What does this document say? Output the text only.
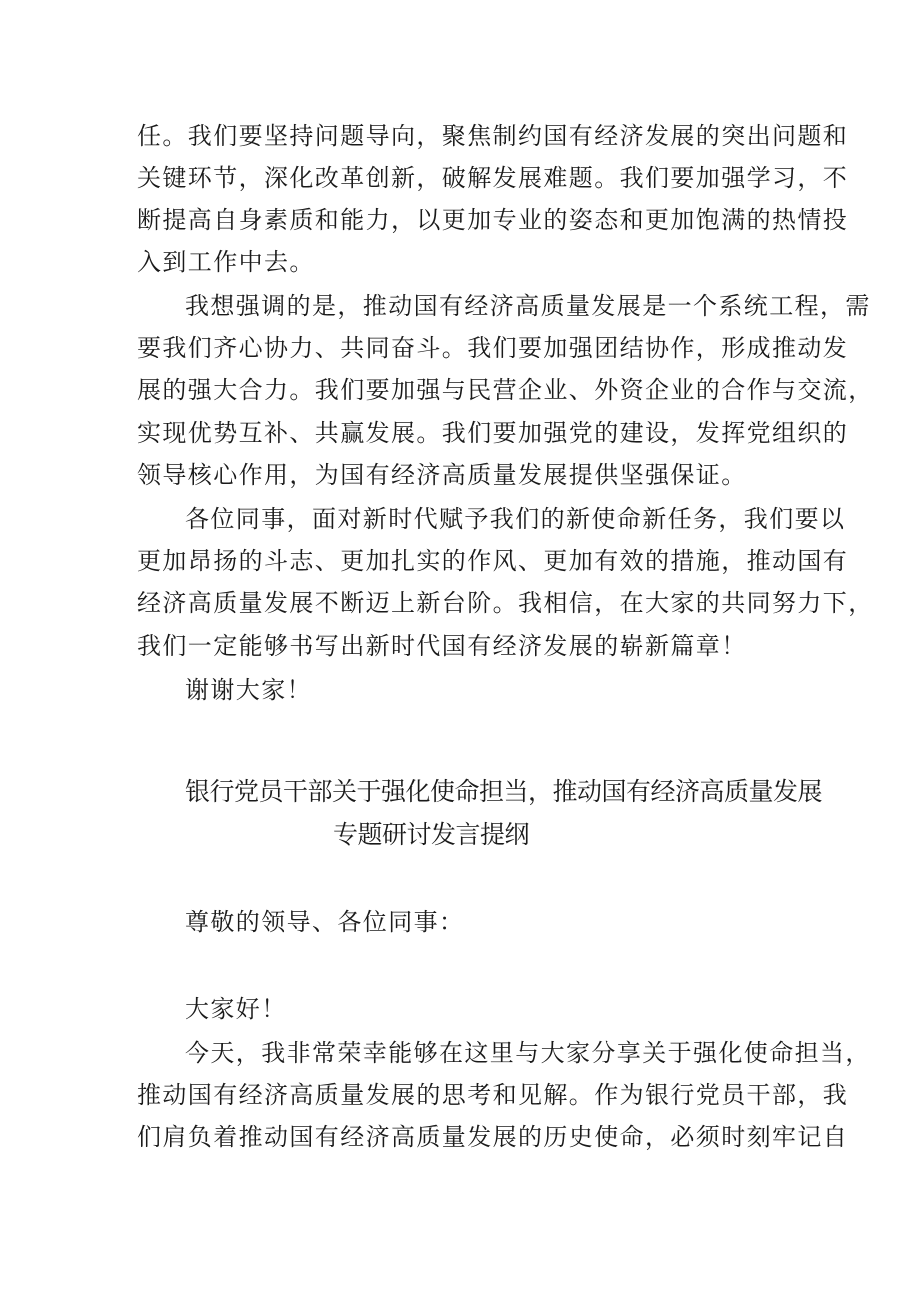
任。我们要坚持问题导向，聚焦制约国有经济发展的突出问题和
关键环节，深化改革创新，破解发展难题。我们要加强学习，不
断提高自身素质和能力，以更加专业的姿态和更加饱满的热情投
入到工作中去。
我想强调的是，推动国有经济高质量发展是一个系统工程，需
要我们齐心协力、共同奋斗。我们要加强团结协作，形成推动发
展的强大合力。我们要加强与民营企业、外资企业的合作与交流，
实现优势互补、共赢发展。我们要加强党的建设，发挥党组织的
领导核心作用，为国有经济高质量发展提供坚强保证。
各位同事，面对新时代赋予我们的新使命新任务，我们要以
更加昂扬的斗志、更加扎实的作风、更加有效的措施，推动国有
经济高质量发展不断迈上新台阶。我相信，在大家的共同努力下，
我们一定能够书写出新时代国有经济发展的崭新篇章！
谢谢大家！
银行党员干部关于强化使命担当，推动国有经济高质量发展
专题研讨发言提纲
尊敬的领导、各位同事：
大家好！
今天，我非常荣幸能够在这里与大家分享关于强化使命担当，
推动国有经济高质量发展的思考和见解。作为银行党员干部，我
们肩负着推动国有经济高质量发展的历史使命，必须时刻牢记自
